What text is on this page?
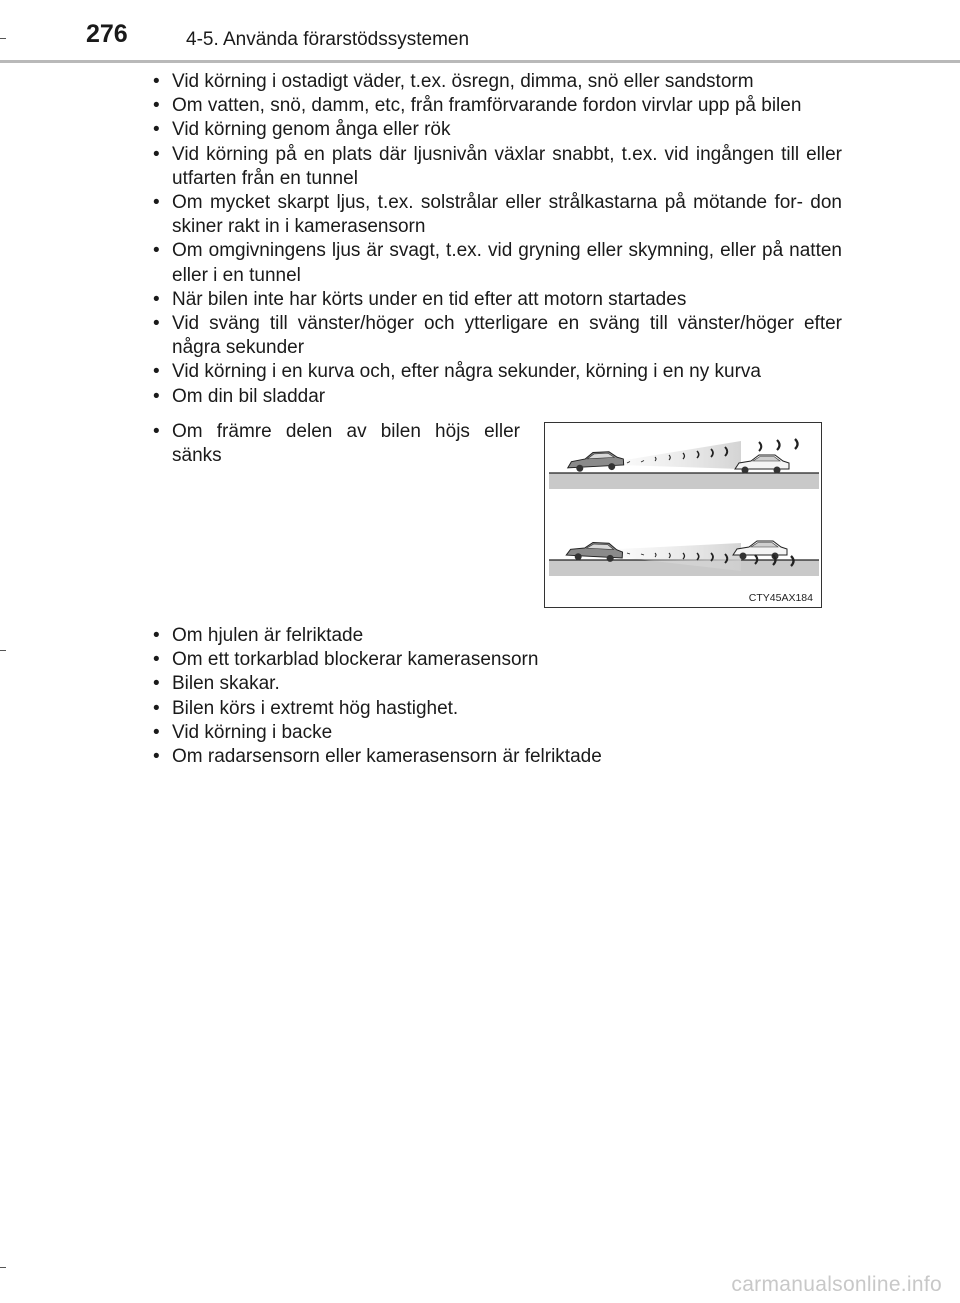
276	4-5. Använda förarstödssystemen
• Vid körning i ostadigt väder, t.ex. ösregn, dimma, snö eller sandstorm
• Om vatten, snö, damm, etc, från framförvarande fordon virvlar upp på bilen
• Vid körning genom ånga eller rök
• Vid körning på en plats där ljusnivån växlar snabbt, t.ex. vid ingången till eller utfarten från en tunnel
• Om mycket skarpt ljus, t.ex. solstrålar eller strålkastarna på mötande for- don skiner rakt in i kamerasensorn
• Om omgivningens ljus är svagt, t.ex. vid gryning eller skymning, eller på natten eller i en tunnel
• När bilen inte har körts under en tid efter att motorn startades
• Vid sväng till vänster/höger och ytterligare en sväng till vänster/höger efter några sekunder
• Vid körning i en kurva och, efter några sekunder, körning i en ny kurva
• Om din bil sladdar
• Om främre delen av bilen höjs eller sänks
CTY45AX184
• Om hjulen är felriktade
• Om ett torkarblad blockerar kamerasensorn
• Bilen skakar.
• Bilen körs i extremt hög hastighet.
• Vid körning i backe
• Om radarsensorn eller kamerasensorn är felriktade
carmanualsonline.info
